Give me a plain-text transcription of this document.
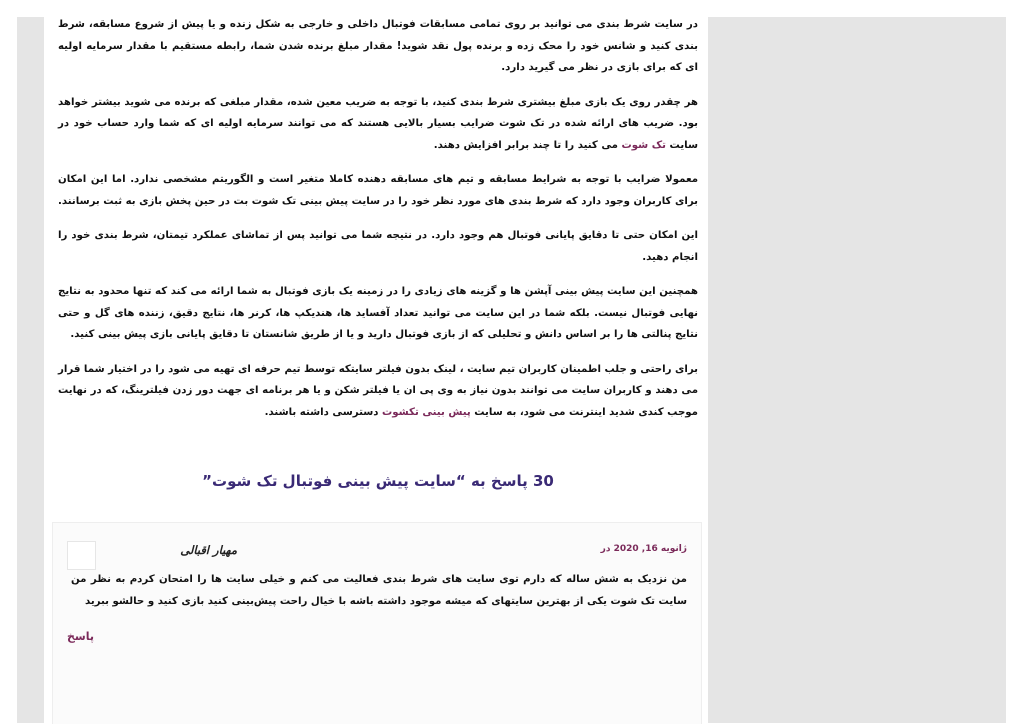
در سایت شرط بندی می توانید بر روی تمامی مسابقات فوتبال داخلی و خارجی به شکل زنده و یا پیش از شروع مسابقه، شرط بندی کنید و شانس خود را محک زده و برنده پول نقد شوید! مقدار مبلغ برنده شدن شما، رابطه مستقیم با مقدار سرمایه اولیه ای که برای بازی در نظر می گیرید دارد.

هر چقدر روی یک بازی مبلغ بیشتری شرط بندی کنید، با توجه به ضریب معین شده، مقدار مبلغی که برنده می شوید بیشتر خواهد بود. ضریب های ارائه شده در تک شوت ضرایب بسیار بالایی هستند که می توانند سرمایه اولیه ای که شما وارد حساب خود در سایت تک شوت می کنید را تا چند برابر افزایش دهند.

معمولا ضرایب با توجه به شرایط مسابقه و تیم های مسابقه دهنده کاملا متغیر است و الگوریتم مشخصی ندارد. اما این امکان برای کاربران وجود دارد که شرط بندی های مورد نظر خود را در سایت پیش بینی تک شوت بت در حین پخش بازی به ثبت برسانند.

این امکان حتی تا دقایق پایانی فوتبال هم وجود دارد. در نتیجه شما می توانید پس از تماشای عملکرد تیمتان، شرط بندی خود را انجام دهید.

همچنین این سایت پیش بینی آپشن ها و گزینه های زیادی را در زمینه یک بازی فوتبال به شما ارائه می کند که تنها محدود به نتایج نهایی فوتبال نیست. بلکه شما در این سایت می توانید تعداد آفساید ها، هندیکپ ها، کرنر ها، نتایج دقیق، زننده های گل و حتی نتایج پنالتی ها را بر اساس دانش و تحلیلی که از بازی فوتبال دارید و یا از طریق شانستان تا دقایق پایانی بازی پیش بینی کنید.

برای راحتی و جلب اطمینان کاربران تیم سایت ، لینک بدون فیلتر سایتکه توسط تیم حرفه ای تهیه می شود را در اختیار شما قرار می دهند و کاربران سایت می توانند بدون نیاز به وی پی ان یا فیلتر شکن و یا هر برنامه ای جهت دور زدن فیلترینگ، که در نهایت موجب کندی شدید اینترنت می شود، به سایت پیش بینی تکشوت دسترسی داشته باشند.

30 پاسخ به “سایت پیش بینی فوتبال تک شوت”
مهیار اقبالی	ژانویه 16, 2020 در
من نزدیک به شش ساله که دارم توی سایت های شرط بندی فعالیت می کنم و خیلی سایت ها را امتحان کردم به نظر من سایت تک شوت یکی از بهترین سایتهای که میشه موجود داشته باشه با خیال راحت پیش‌بینی کنید بازی کنید و حالشو ببرید
پاسخ
